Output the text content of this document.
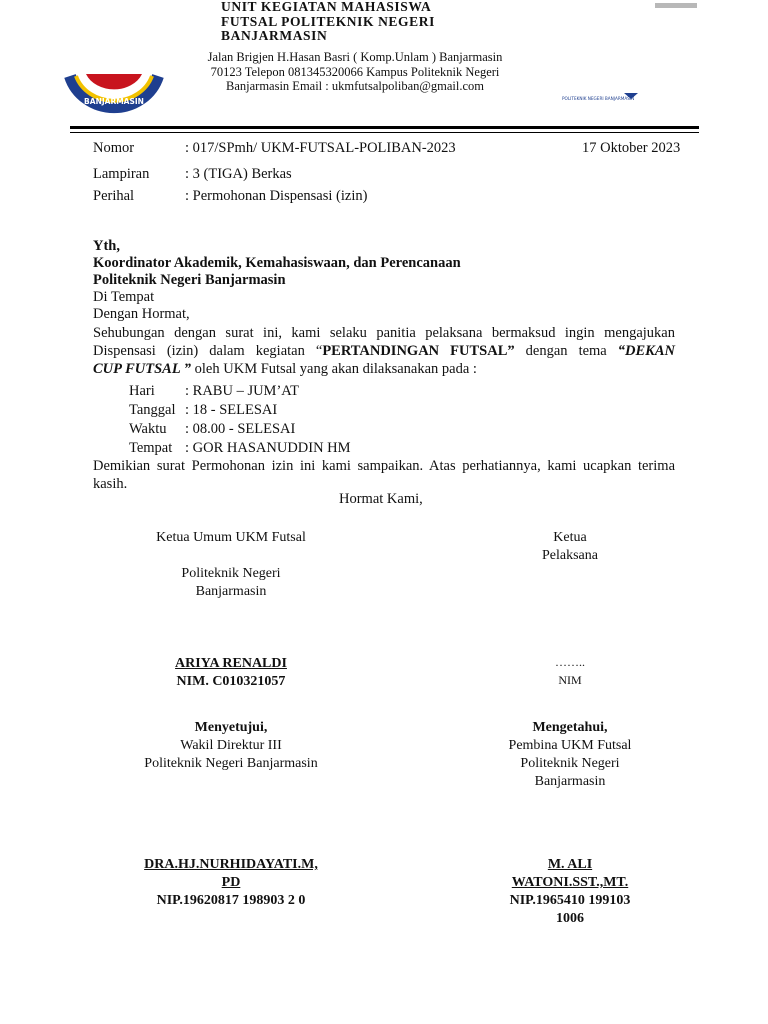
BANJARMASIN
UNIT KEGIATAN MAHASISWA
FUTSAL POLITEKNIK NEGERI
BANJARMASIN
Jalan Brigjen H.Hasan Basri ( Komp.Unlam ) Banjarmasin
70123 Telepon 081345320066 Kampus Politeknik Negeri
Banjarmasin Email : ukmfutsalpoliban@gmail.com
POLITEKNIK NEGERI BANJARMASIN
Nomor	: 017/SPmh/ UKM-FUTSAL-POLIBAN-2023	17 Oktober 2023
Lampiran : 3 (TIGA) Berkas
Perihal	: Permohonan Dispensasi (izin)
Yth,
Koordinator Akademik, Kemahasiswaan, dan Perencanaan
Politeknik Negeri Banjarmasin
Di Tempat
Dengan Hormat,
Sehubungan dengan surat ini, kami selaku panitia pelaksana bermaksud ingin mengajukan
Dispensasi (izin) dalam kegiatan “PERTANDINGAN FUTSAL” dengan tema “DEKAN
CUP FUTSAL ” oleh UKM Futsal yang akan dilaksanakan pada :
Hari : RABU – JUM’AT
Tanggal : 18 - SELESAI
Waktu : 08.00 - SELESAI
Tempat : GOR HASANUDDIN HM
Demikian surat Permohonan izin ini kami sampaikan. Atas perhatiannya, kami ucapkan terima
kasih.
Hormat Kami,
Ketua Umum UKM Futsal
Politeknik Negeri
Banjarmasin
ARIYA RENALDI
NIM. C010321057
Ketua
Pelaksana
……..
NIM
Menyetujui,
Wakil Direktur III
Politeknik Negeri Banjarmasin
DRA.HJ.NURHIDAYATI.M,
PD
NIP.19620817 198903 2 0
Mengetahui,
Pembina UKM Futsal
Politeknik Negeri
Banjarmasin
M. ALI
WATONI.SST.,MT.
NIP.1965410 199103
1006
